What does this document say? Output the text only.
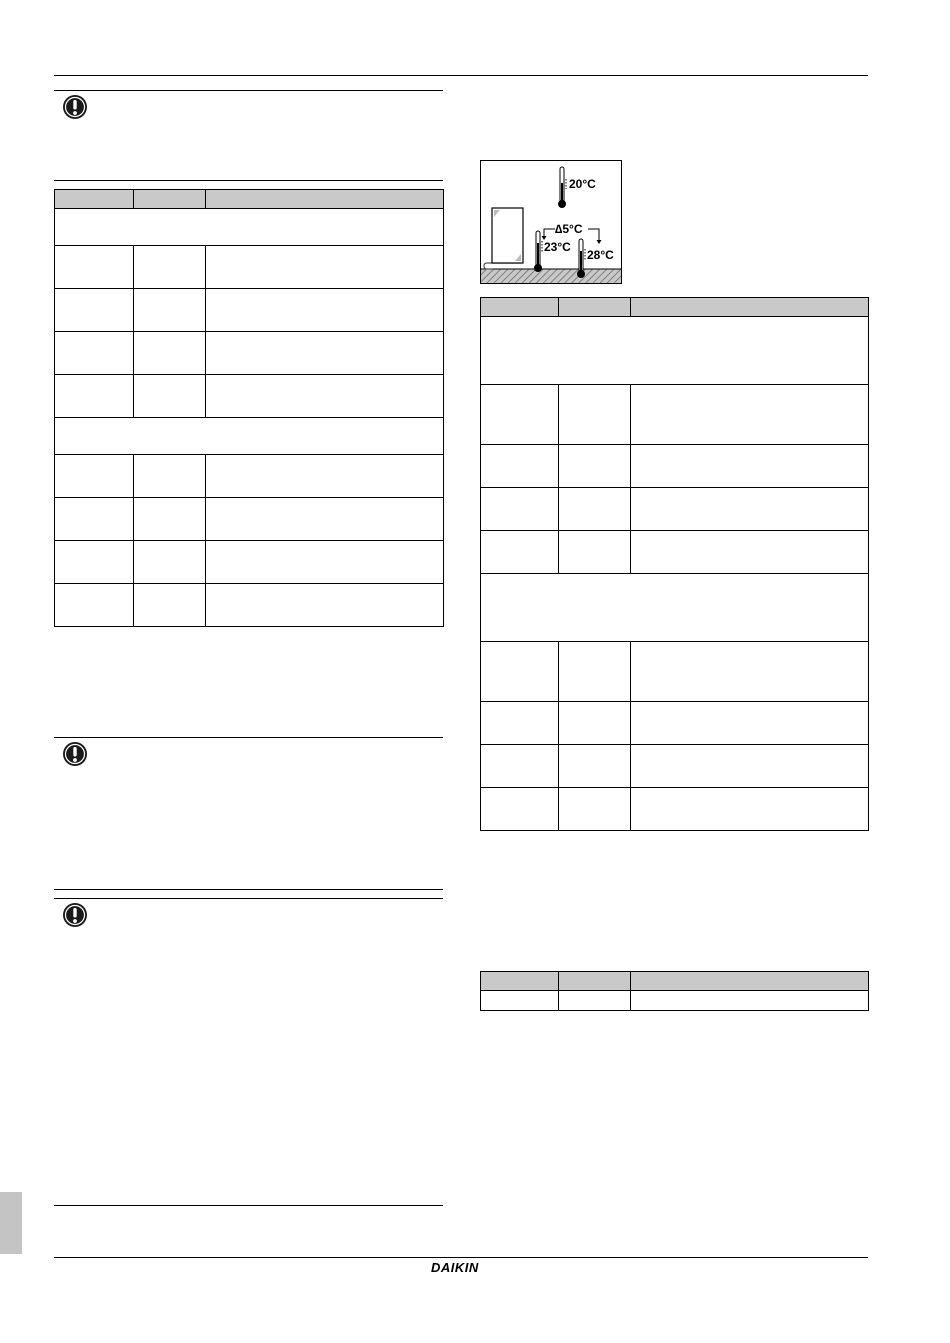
20°C
∆5°C
23°C
28°C

DAIKIN
